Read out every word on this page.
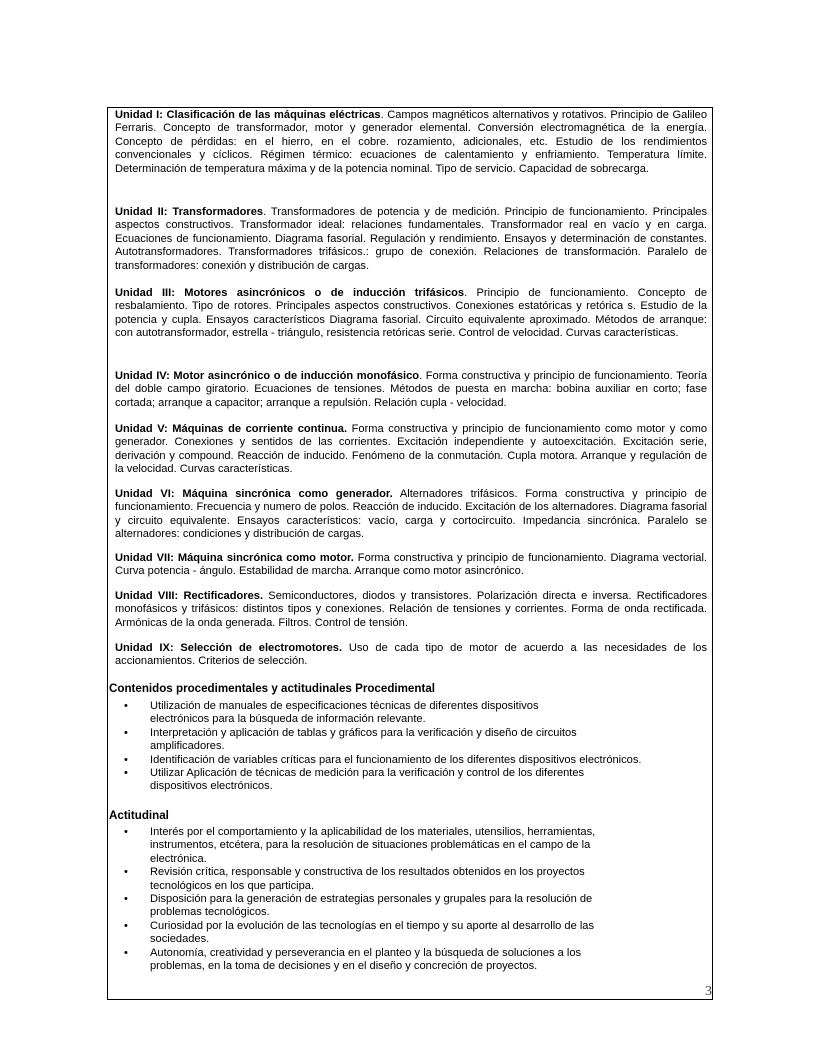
Unidad I: Clasificación de las máquinas eléctricas. Campos magnéticos alternativos y rotativos. Principio de Galileo Ferraris. Concepto de transformador, motor y generador elemental. Conversión electromagnética de la energía. Concepto de pérdidas: en el hierro, en el cobre. rozamiento, adicionales, etc. Estudio de los rendimientos convencionales y cíclicos. Régimen térmico: ecuaciones de calentamiento y enfriamiento. Temperatura límite. Determinación de temperatura máxima y de la potencia nominal. Tipo de servicio. Capacidad de sobrecarga.

Unidad II: Transformadores. Transformadores de potencia y de medición. Principio de funcionamiento. Principales aspectos constructivos. Transformador ideal: relaciones fundamentales. Transformador real en vacío y en carga. Ecuaciones de funcionamiento. Diagrama fasorial. Regulación y rendimiento. Ensayos y determinación de constantes. Autotransformadores. Transformadores trifásicos.: grupo de conexión. Relaciones de transformación. Paralelo de transformadores: conexión y distribución de cargas.

Unidad III: Motores asincrónicos o de inducción trifásicos. Principio de funcionamiento. Concepto de resbalamiento. Tipo de rotores. Principales aspectos constructivos. Conexiones estatóricas y retórica s. Estudio de la potencia y cupla. Ensayos característicos Diagrama fasorial. Circuito equivalente aproximado. Métodos de arranque: con autotransformador, estrella - triángulo, resistencia retóricas serie. Control de velocidad. Curvas características.

Unidad IV: Motor asincrónico o de inducción monofásico. Forma constructiva y principio de funcionamiento. Teoría del doble campo giratorio. Ecuaciones de tensiones. Métodos de puesta en marcha: bobina auxiliar en corto; fase cortada; arranque a capacitor; arranque a repulsión. Relación cupla - velocidad.

Unidad V: Máquinas de corriente continua. Forma constructiva y principio de funcionamiento como motor y como generador. Conexiones y sentidos de las corrientes. Excitación independiente y autoexcitación. Excitación serie, derivación y compound. Reacción de inducido. Fenómeno de la conmutación. Cupla motora. Arranque y regulación de la velocidad. Curvas características.

Unidad VI: Máquina sincrónica como generador. Alternadores trifásicos. Forma constructiva y principio de funcionamiento. Frecuencia y numero de polos. Reacción de inducido. Excitación de los alternadores. Diagrama fasorial y circuito equivalente. Ensayos característicos: vacío, carga y cortocircuito. Impedancia sincrónica. Paralelo se alternadores: condiciones y distribución de cargas.

Unidad VII: Máquina sincrónica como motor. Forma constructiva y principio de funcionamiento. Diagrama vectorial. Curva potencia - ángulo. Estabilidad de marcha. Arranque como motor asincrónico.

Unidad VIII: Rectificadores. Semiconductores, diodos y transistores. Polarización directa e inversa. Rectificadores monofásicos y trifásicos: distintos tipos y conexiones. Relación de tensiones y corrientes. Forma de onda rectificada. Armónicas de la onda generada. Filtros. Control de tensión.

Unidad IX: Selección de electromotores. Uso de cada tipo de motor de acuerdo a las necesidades de los accionamientos. Criterios de selección.

Contenidos procedimentales y actitudinales Procedimental

• Utilización de manuales de especificaciones técnicas de diferentes dispositivos
electrónicos para la búsqueda de información relevante.
• Interpretación y aplicación de tablas y gráficos para la verificación y diseño de circuitos
amplificadores.
• Identificación de variables críticas para el funcionamiento de los diferentes dispositivos electrónicos.
• Utilizar Aplicación de técnicas de medición para la verificación y control de los diferentes
dispositivos electrónicos.

Actitudinal

• Interés por el comportamiento y la aplicabilidad de los materiales, utensilios, herramientas,
instrumentos, etcétera, para la resolución de situaciones problemáticas en el campo de la
electrónica.
• Revisión crítica, responsable y constructiva de los resultados obtenidos en los proyectos
tecnológicos en los que participa.
• Disposición para la generación de estrategias personales y grupales para la resolución de
problemas tecnológicos.
• Curiosidad por la evolución de las tecnologías en el tiempo y su aporte al desarrollo de las
sociedades.
• Autonomía, creatividad y perseverancia en el planteo y la búsqueda de soluciones a los
problemas, en la toma de decisiones y en el diseño y concreción de proyectos.
3
